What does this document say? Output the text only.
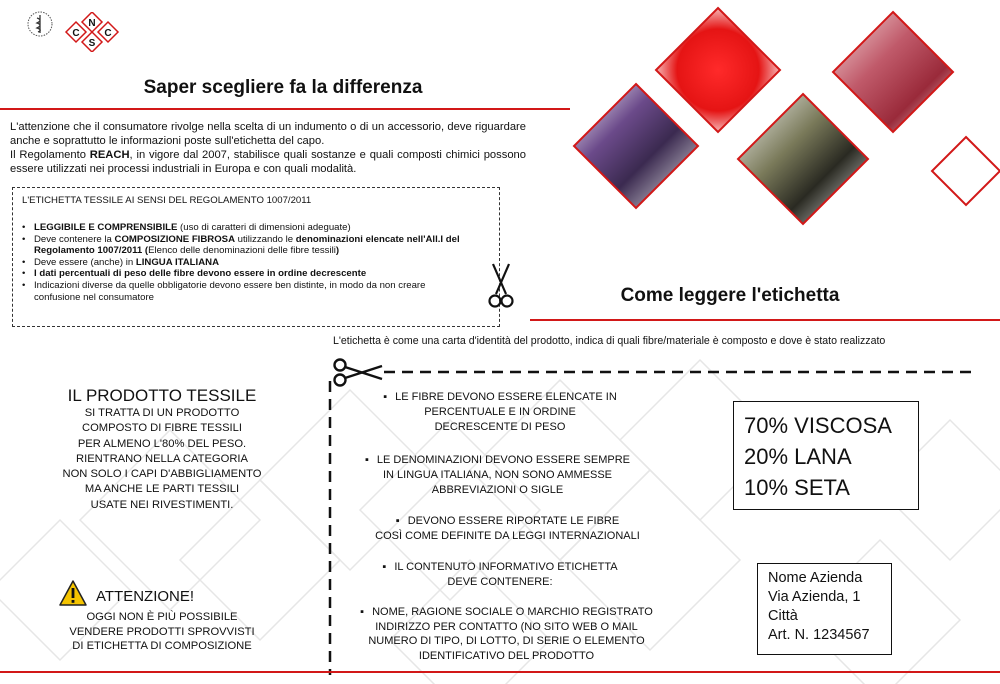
C
N
S
C
Saper scegliere fa la differenza
L'attenzione che il consumatore rivolge nella scelta di un indumento o di un accessorio, deve riguardare anche e soprattutto le informazioni poste sull'etichetta del capo.
Il Regolamento REACH, in vigore dal 2007, stabilisce quali sostanze e quali composti chimici possono essere utilizzati nei processi industriali in Europa e con quali modalità.
L'ETICHETTA TESSILE AI SENSI DEL REGOLAMENTO 1007/2011
• LEGGIBILE E COMPRENSIBILE (uso di caratteri di dimensioni adeguate)
• Deve contenere la COMPOSIZIONE FIBROSA utilizzando le denominazioni elencate nell'All.I del Regolamento 1007/2011 (Elenco delle denominazioni delle fibre tessili)
• Deve essere (anche) in LINGUA ITALIANA
• I dati percentuali di peso delle fibre devono essere in ordine decrescente
• Indicazioni diverse da quelle obbligatorie devono essere ben distinte, in modo da non creare confusione nel consumatore	Come leggere l'etichetta
L'etichetta è come una carta d'identità del prodotto, indica di quali fibre/materiale è composto e dove è stato realizzato
IL PRODOTTO TESSILE
SI TRATTA DI UN PRODOTTO
COMPOSTO DI FIBRE TESSILI
PER ALMENO L'80% DEL PESO.
RIENTRANO NELLA CATEGORIA
NON SOLO I CAPI D'ABBIGLIAMENTO
MA ANCHE LE PARTI TESSILI
USATE NEI RIVESTIMENTI.
ATTENZIONE!
OGGI NON È PIÙ POSSIBILE
VENDERE PRODOTTI SPROVVISTI
DI ETICHETTA DI COMPOSIZIONE
▪ LE FIBRE DEVONO ESSERE ELENCATE IN
PERCENTUALE E IN ORDINE
DECRESCENTE DI PESO
▪ LE DENOMINAZIONI DEVONO ESSERE SEMPRE
IN LINGUA ITALIANA, NON SONO AMMESSE
ABBREVIAZIONI O SIGLE
▪ DEVONO ESSERE RIPORTATE LE FIBRE
COSÌ COME DEFINITE DA LEGGI INTERNAZIONALI
▪ IL CONTENUTO INFORMATIVO ETICHETTA
DEVE CONTENERE:
▪ NOME, RAGIONE SOCIALE O MARCHIO REGISTRATO
INDIRIZZO PER CONTATTO (NO SITO WEB O MAIL
NUMERO DI TIPO, DI LOTTO, DI SERIE O ELEMENTO
IDENTIFICATIVO DEL PRODOTTO
70% VISCOSA
20% LANA
10% SETA
Nome Azienda
Via Azienda, 1
Città
Art. N. 1234567
